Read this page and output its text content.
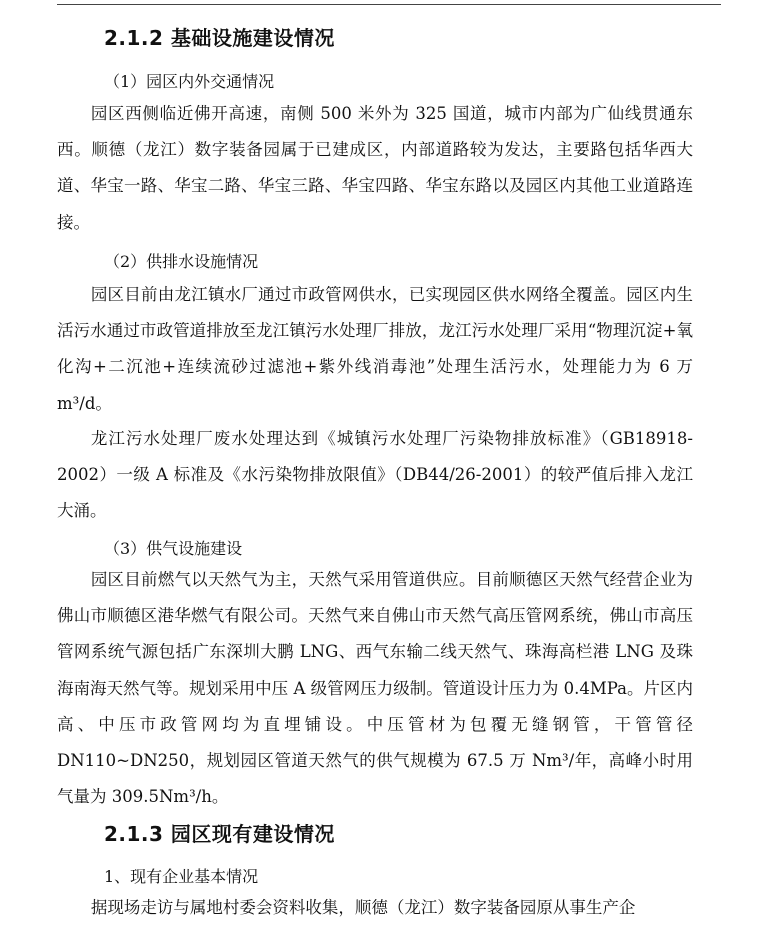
2.1.2 基础设施建设情况

（1）园区内外交通情况

园区西侧临近佛开高速，南侧 500 米外为 325 国道，城市内部为广仙线贯通东西。顺德（龙江）数字装备园属于已建成区，内部道路较为发达，主要路包括华西大道、华宝一路、华宝二路、华宝三路、华宝四路、华宝东路以及园区内其他工业道路连接。

（2）供排水设施情况

园区目前由龙江镇水厂通过市政管网供水，已实现园区供水网络全覆盖。园区内生活污水通过市政管道排放至龙江镇污水处理厂排放，龙江污水处理厂采用“物理沉淀+氧化沟+二沉池+连续流砂过滤池+紫外线消毒池”处理生活污水，处理能力为 6 万 m³/d。

龙江污水处理厂废水处理达到《城镇污水处理厂污染物排放标准》（GB18918-2002）一级 A 标准及《水污染物排放限值》（DB44/26-2001）的较严值后排入龙江大涌。

（3）供气设施建设

园区目前燃气以天然气为主，天然气采用管道供应。目前顺德区天然气经营企业为佛山市顺德区港华燃气有限公司。天然气来自佛山市天然气高压管网系统，佛山市高压管网系统气源包括广东深圳大鹏 LNG、西气东输二线天然气、珠海高栏港 LNG 及珠海南海天然气等。规划采用中压 A 级管网压力级制。管道设计压力为 0.4MPa。片区内高、中压市政管网均为直埋铺设。中压管材为包覆无缝钢管，干管管径 DN110~DN250，规划园区管道天然气的供气规模为 67.5 万 Nm³/年，高峰小时用气量为 309.5Nm³/h。

2.1.3 园区现有建设情况

1、现有企业基本情况

据现场走访与属地村委会资料收集，顺德（龙江）数字装备园原从事生产企
